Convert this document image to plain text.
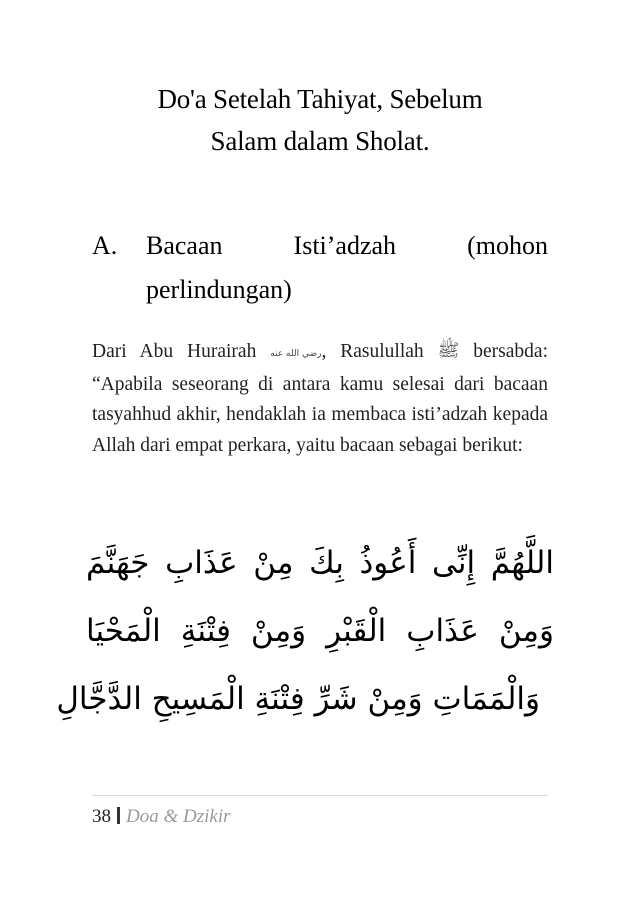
Do'a Setelah Tahiyat, Sebelum
Salam dalam Sholat.
A. Bacaan	Isti’adzah	(mohon
perlindungan)
Dari Abu Hurairah رضي الله عنه, Rasulullah ﷺ bersabda: “Apabila seseorang di antara kamu selesai dari bacaan tasyahhud akhir, hendaklah ia membaca isti’adzah kepada Allah dari empat perkara, yaitu bacaan sebagai berikut:
اللَّهُمَّ إِنِّى أَعُوذُ بِكَ مِنْ عَذَابِ جَهَنَّمَ
وَمِنْ عَذَابِ الْقَبْرِ وَمِنْ فِتْنَةِ الْمَحْيَا
وَالْمَمَاتِ وَمِنْ شَرِّ فِتْنَةِ الْمَسِيحِ الدَّجَّالِ
38 Doa & Dzikir
